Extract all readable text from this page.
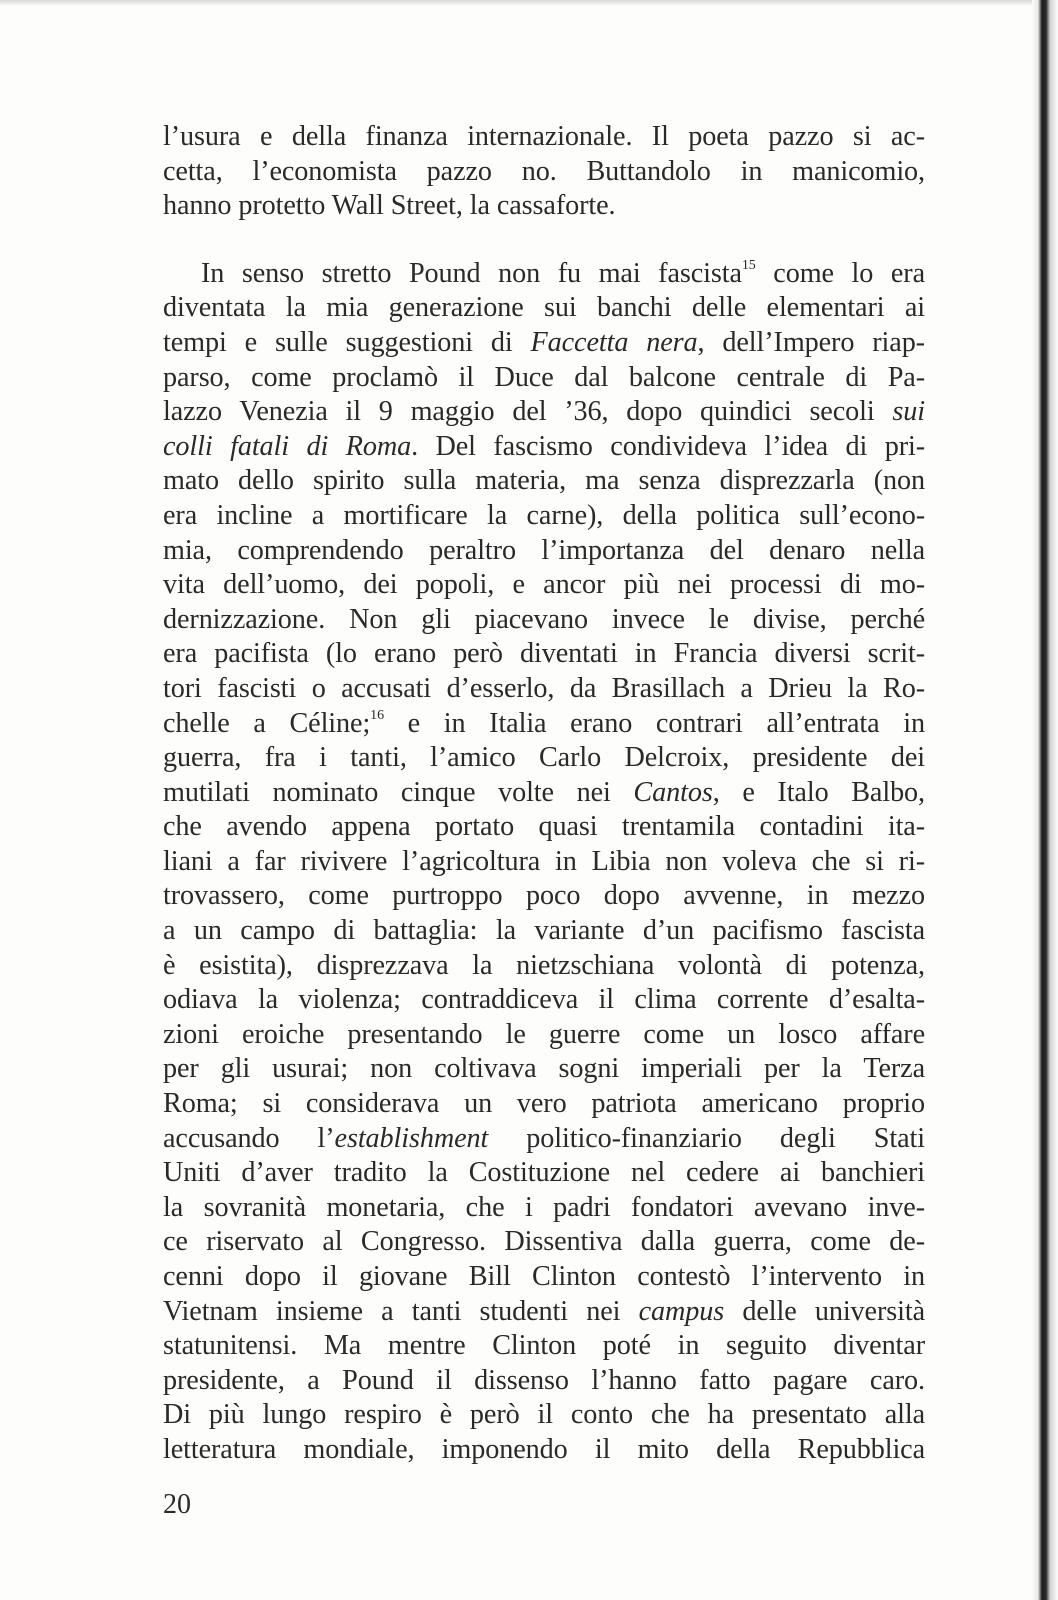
l’usura e della finanza internazionale. Il poeta pazzo si ac-
cetta, l’economista pazzo no. Buttandolo in manicomio,
hanno protetto Wall Street, la cassaforte.
In senso stretto Pound non fu mai fascista$^{15}$ come lo era
diventata la mia generazione sui banchi delle elementari ai
tempi e sulle suggestioni di Faccetta nera, dell’Impero riap-
parso, come proclamò il Duce dal balcone centrale di Pa-
lazzo Venezia il 9 maggio del ’36, dopo quindici secoli sui
colli fatali di Roma. Del fascismo condivideva l’idea di pri-
mato dello spirito sulla materia, ma senza disprezzarla (non
era incline a mortificare la carne), della politica sull’econo-
mia, comprendendo peraltro l’importanza del denaro nella
vita dell’uomo, dei popoli, e ancor più nei processi di mo-
dernizzazione. Non gli piacevano invece le divise, perché
era pacifista (lo erano però diventati in Francia diversi scrit-
tori fascisti o accusati d’esserlo, da Brasillach a Drieu la Ro-
chelle a Céline;$^{16}$ e in Italia erano contrari all’entrata in
guerra, fra i tanti, l’amico Carlo Delcroix, presidente dei
mutilati nominato cinque volte nei Cantos, e Italo Balbo,
che avendo appena portato quasi trentamila contadini ita-
liani a far rivivere l’agricoltura in Libia non voleva che si ri-
trovassero, come purtroppo poco dopo avvenne, in mezzo
a un campo di battaglia: la variante d’un pacifismo fascista
è esistita), disprezzava la nietzschiana volontà di potenza,
odiava la violenza; contraddiceva il clima corrente d’esalta-
zioni eroiche presentando le guerre come un losco affare
per gli usurai; non coltivava sogni imperiali per la Terza
Roma; si considerava un vero patriota americano proprio
accusando l’establishment politico-finanziario degli Stati
Uniti d’aver tradito la Costituzione nel cedere ai banchieri
la sovranità monetaria, che i padri fondatori avevano inve-
ce riservato al Congresso. Dissentiva dalla guerra, come de-
cenni dopo il giovane Bill Clinton contestò l’intervento in
Vietnam insieme a tanti studenti nei campus delle università
statunitensi. Ma mentre Clinton poté in seguito diventar
presidente, a Pound il dissenso l’hanno fatto pagare caro.
Di più lungo respiro è però il conto che ha presentato alla
letteratura mondiale, imponendo il mito della Repubblica
20
